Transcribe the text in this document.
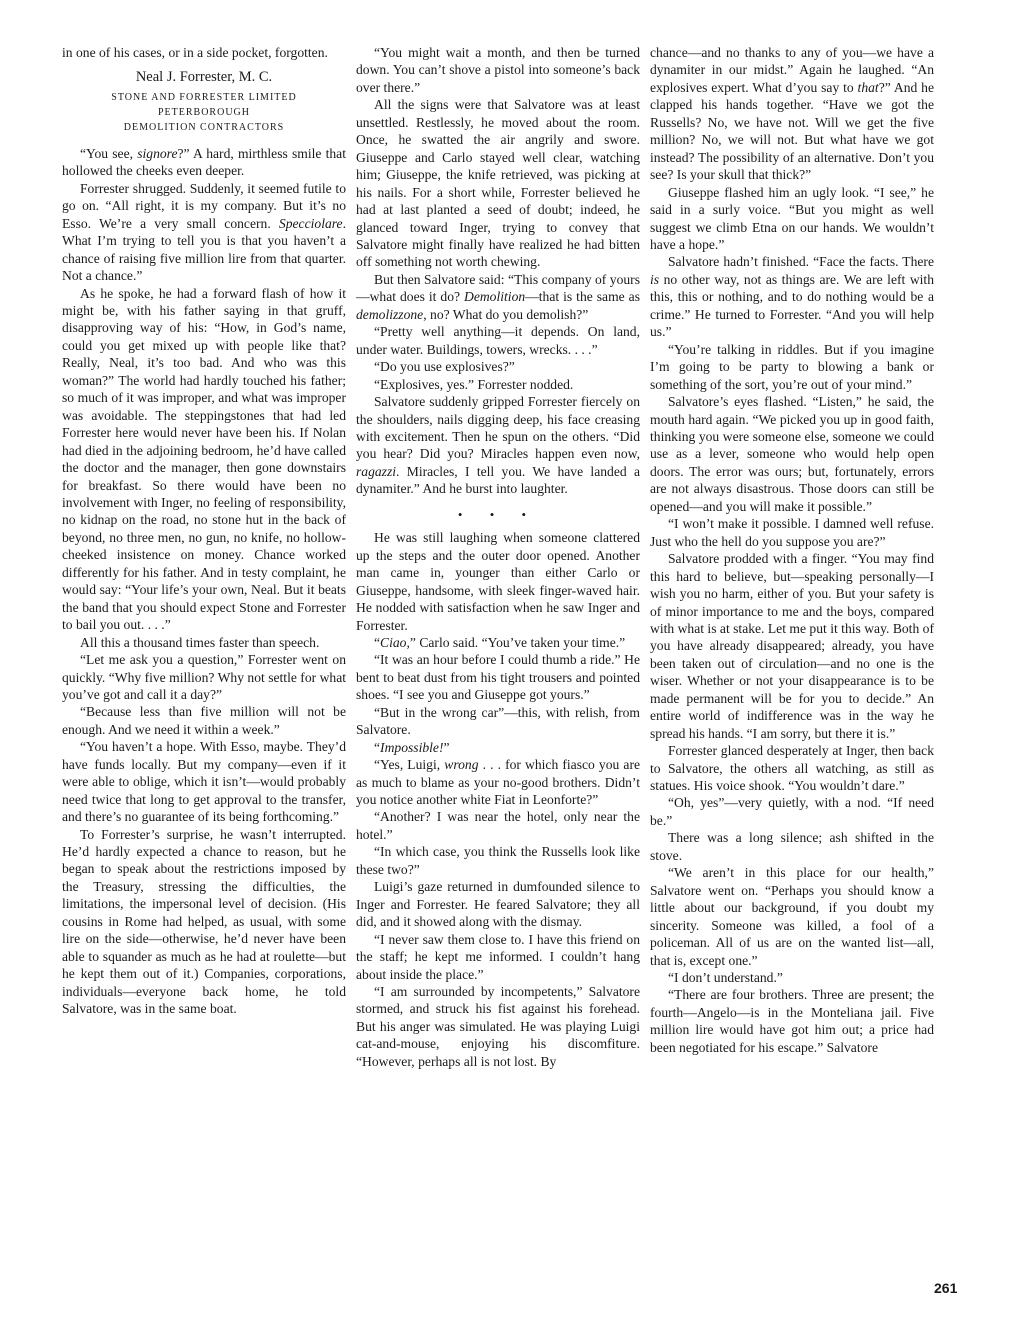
in one of his cases, or in a side pocket, forgotten.

Neal J. Forrester, M. C.
STONE AND FORRESTER LIMITED
PETERBOROUGH
DEMOLITION CONTRACTORS

“You see, signore?” A hard, mirthless smile that hollowed the cheeks even deeper.

Forrester shrugged. Suddenly, it seemed futile to go on. “All right, it is my company. But it’s no Esso. We’re a very small concern. Specciolare. What I’m trying to tell you is that you haven’t a chance of raising five million lire from that quarter. Not a chance.”

As he spoke, he had a forward flash of how it might be, with his father saying in that gruff, disapproving way of his: “How, in God’s name, could you get mixed up with people like that? Really, Neal, it’s too bad. And who was this woman?” The world had hardly touched his father; so much of it was improper, and what was improper was avoidable. The steppingstones that had led Forrester here would never have been his. If Nolan had died in the adjoining bedroom, he’d have called the doctor and the manager, then gone downstairs for breakfast. So there would have been no involvement with Inger, no feeling of responsibility, no kidnap on the road, no stone hut in the back of beyond, no three men, no gun, no knife, no hollow-cheeked insistence on money. Chance worked differently for his father. And in testy complaint, he would say: “Your life’s your own, Neal. But it beats the band that you should expect Stone and Forrester to bail you out. . . .”

All this a thousand times faster than speech.

“Let me ask you a question,” Forrester went on quickly. “Why five million? Why not settle for what you’ve got and call it a day?”

“Because less than five million will not be enough. And we need it within a week.”

“You haven’t a hope. With Esso, maybe. They’d have funds locally. But my company—even if it were able to oblige, which it isn’t—would probably need twice that long to get approval to the transfer, and there’s no guarantee of its being forthcoming.”

To Forrester’s surprise, he wasn’t interrupted. He’d hardly expected a chance to reason, but he began to speak about the restrictions imposed by the Treasury, stressing the difficulties, the limitations, the impersonal level of decision. (His cousins in Rome had helped, as usual, with some lire on the side—otherwise, he’d never have been able to squander as much as he had at roulette—but he kept them out of it.) Companies, corporations, individuals—everyone back home, he told Salvatore, was in the same boat.

“You might wait a month, and then be turned down. You can’t shove a pistol into someone’s back over there.”

All the signs were that Salvatore was at least unsettled. Restlessly, he moved about the room. Once, he swatted the air angrily and swore. Giuseppe and Carlo stayed well clear, watching him; Giuseppe, the knife retrieved, was picking at his nails. For a short while, Forrester believed he had at last planted a seed of doubt; indeed, he glanced toward Inger, trying to convey that Salvatore might finally have realized he had bitten off something not worth chewing.

But then Salvatore said: “This company of yours—what does it do? Demolition—that is the same as demolizzone, no? What do you demolish?”

“Pretty well anything—it depends. On land, under water. Buildings, towers, wrecks. . . .”

“Do you use explosives?”

“Explosives, yes.” Forrester nodded.

Salvatore suddenly gripped Forrester fiercely on the shoulders, nails digging deep, his face creasing with excitement. Then he spun on the others. “Did you hear? Did you? Miracles happen even now, ragazzi. Miracles, I tell you. We have landed a dynamiter.” And he burst into laughter.

• • •

He was still laughing when someone clattered up the steps and the outer door opened. Another man came in, younger than either Carlo or Giuseppe, handsome, with sleek finger-waved hair. He nodded with satisfaction when he saw Inger and Forrester.

“Ciao,” Carlo said. “You’ve taken your time.”

“It was an hour before I could thumb a ride.” He bent to beat dust from his tight trousers and pointed shoes. “I see you and Giuseppe got yours.”

“But in the wrong car”—this, with relish, from Salvatore.

“Impossible!”

“Yes, Luigi, wrong . . . for which fiasco you are as much to blame as your no-good brothers. Didn’t you notice another white Fiat in Leonforte?”

“Another? I was near the hotel, only near the hotel.”

“In which case, you think the Russells look like these two?”

Luigi’s gaze returned in dumfounded silence to Inger and Forrester. He feared Salvatore; they all did, and it showed along with the dismay.

“I never saw them close to. I have this friend on the staff; he kept me informed. I couldn’t hang about inside the place.”

“I am surrounded by incompetents,” Salvatore stormed, and struck his fist against his forehead. But his anger was simulated. He was playing Luigi cat-and-mouse, enjoying his discomfiture. “However, perhaps all is not lost. By

chance—and no thanks to any of you—we have a dynamiter in our midst.” Again he laughed. “An explosives expert. What d’you say to that?” And he clapped his hands together. “Have we got the Russells? No, we have not. Will we get the five million? No, we will not. But what have we got instead? The possibility of an alternative. Don’t you see? Is your skull that thick?”

Giuseppe flashed him an ugly look. “I see,” he said in a surly voice. “But you might as well suggest we climb Etna on our hands. We wouldn’t have a hope.”

Salvatore hadn’t finished. “Face the facts. There is no other way, not as things are. We are left with this, this or nothing, and to do nothing would be a crime.” He turned to Forrester. “And you will help us.”

“You’re talking in riddles. But if you imagine I’m going to be party to blowing a bank or something of the sort, you’re out of your mind.”

Salvatore’s eyes flashed. “Listen,” he said, the mouth hard again. “We picked you up in good faith, thinking you were someone else, someone we could use as a lever, someone who would help open doors. The error was ours; but, fortunately, errors are not always disastrous. Those doors can still be opened—and you will make it possible.”

“I won’t make it possible. I damned well refuse. Just who the hell do you suppose you are?”

Salvatore prodded with a finger. “You may find this hard to believe, but—speaking personally—I wish you no harm, either of you. But your safety is of minor importance to me and the boys, compared with what is at stake. Let me put it this way. Both of you have already disappeared; already, you have been taken out of circulation—and no one is the wiser. Whether or not your disappearance is to be made permanent will be for you to decide.” An entire world of indifference was in the way he spread his hands. “I am sorry, but there it is.”

Forrester glanced desperately at Inger, then back to Salvatore, the others all watching, as still as statues. His voice shook. “You wouldn’t dare.”

“Oh, yes”—very quietly, with a nod. “If need be.”

There was a long silence; ash shifted in the stove.

“We aren’t in this place for our health,” Salvatore went on. “Perhaps you should know a little about our background, if you doubt my sincerity. Someone was killed, a fool of a policeman. All of us are on the wanted list—all, that is, except one.”

“I don’t understand.”

“There are four brothers. Three are present; the fourth—Angelo—is in the Monteliana jail. Five million lire would have got him out; a price had been negotiated for his escape.” Salvatore

261
